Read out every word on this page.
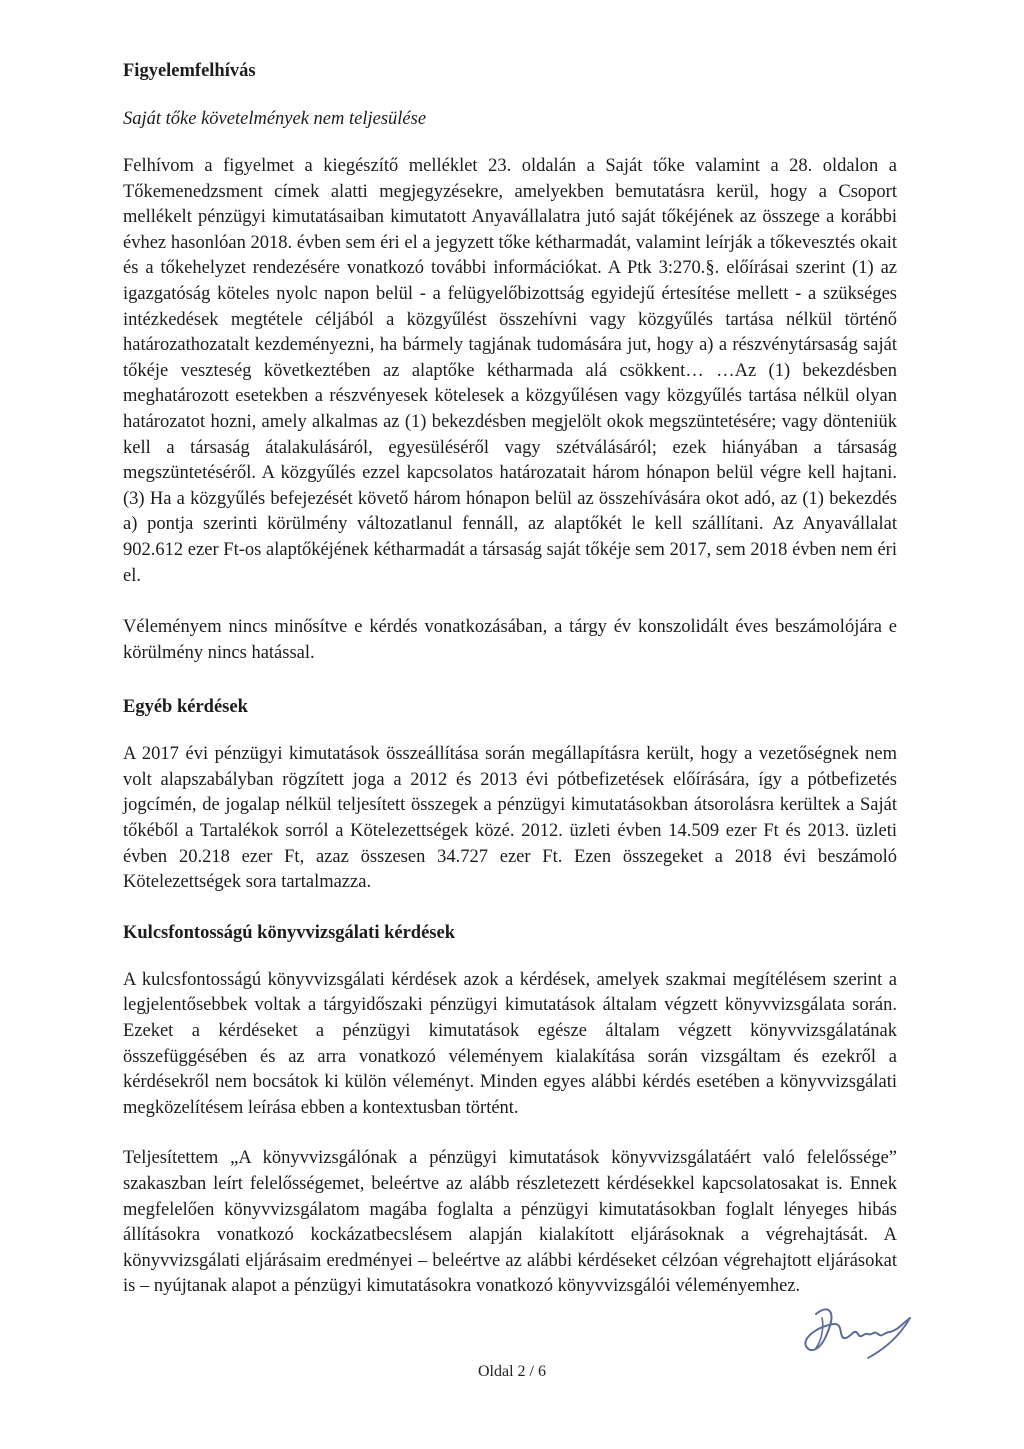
Figyelemfelhívás
Saját tőke követelmények nem teljesülése

Felhívom a figyelmet a kiegészítő melléklet 23. oldalán a Saját tőke valamint a 28. oldalon a Tőkemenedzsment címek alatti megjegyzésekre, amelyekben bemutatásra kerül, hogy a Csoport mellékelt pénzügyi kimutatásaiban kimutatott Anyavállalatra jutó saját tőkéjének az összege a korábbi évhez hasonlóan 2018. évben sem éri el a jegyzett tőke kétharmadát, valamint leírják a tőkevesztés okait és a tőkehelyzet rendezésére vonatkozó további információkat. A Ptk 3:270.§. előírásai szerint (1) az igazgatóság köteles nyolc napon belül - a felügyelőbizottság egyidejű értesítése mellett - a szükséges intézkedések megtétele céljából a közgyűlést összehívni vagy közgyűlés tartása nélkül történő határozathozatalt kezdeményezni, ha bármely tagjának tudomására jut, hogy a) a részvénytársaság saját tőkéje veszteség következtében az alaptőke kétharmada alá csökkent… …Az (1) bekezdésben meghatározott esetekben a részvényesek kötelesek a közgyűlésen vagy közgyűlés tartása nélkül olyan határozatot hozni, amely alkalmas az (1) bekezdésben megjelölt okok megszüntetésére; vagy dönteniük kell a társaság átalakulásáról, egyesüléséről vagy szétválásáról; ezek hiányában a társaság megszüntetéséről. A közgyűlés ezzel kapcsolatos határozatait három hónapon belül végre kell hajtani. (3) Ha a közgyűlés befejezését követő három hónapon belül az összehívására okot adó, az (1) bekezdés a) pontja szerinti körülmény változatlanul fennáll, az alaptőkét le kell szállítani. Az Anyavállalat 902.612 ezer Ft-os alaptőkéjének kétharmadát a társaság saját tőkéje sem 2017, sem 2018 évben nem éri el.

Véleményem nincs minősítve e kérdés vonatkozásában, a tárgy év konszolidált éves beszámolójára e körülmény nincs hatással.

Egyéb kérdések

A 2017 évi pénzügyi kimutatások összeállítása során megállapításra került, hogy a vezetőségnek nem volt alapszabályban rögzített joga a 2012 és 2013 évi pótbefizetések előírására, így a pótbefizetés jogcímén, de jogalap nélkül teljesített összegek a pénzügyi kimutatásokban átsorolásra kerültek a Saját tőkéből a Tartalékok sorról a Kötelezettségek közé. 2012. üzleti évben 14.509 ezer Ft és 2013. üzleti évben 20.218 ezer Ft, azaz összesen 34.727 ezer Ft. Ezen összegeket a 2018 évi beszámoló Kötelezettségek sora tartalmazza.

Kulcsfontosságú könyvvizsgálati kérdések

A kulcsfontosságú könyvvizsgálati kérdések azok a kérdések, amelyek szakmai megítélésem szerint a legjelentősebbek voltak a tárgyidőszaki pénzügyi kimutatások általam végzett könyvvizsgálata során. Ezeket a kérdéseket a pénzügyi kimutatások egésze általam végzett könyvvizsgálatának összefüggésében és az arra vonatkozó véleményem kialakítása során vizsgáltam és ezekről a kérdésekről nem bocsátok ki külön véleményt. Minden egyes alábbi kérdés esetében a könyvvizsgálati megközelítésem leírása ebben a kontextusban történt.

Teljesítettem „A könyvvizsgálónak a pénzügyi kimutatások könyvvizsgálatáért való felelőssége” szakaszban leírt felelősségemet, beleértve az alább részletezett kérdésekkel kapcsolatosakat is. Ennek megfelelően könyvvizsgálatom magába foglalta a pénzügyi kimutatásokban foglalt lényeges hibás állításokra vonatkozó kockázatbecslésem alapján kialakított eljárásoknak a végrehajtását. A könyvvizsgálati eljárásaim eredményei – beleértve az alábbi kérdéseket célzóan végrehajtott eljárásokat is – nyújtanak alapot a pénzügyi kimutatásokra vonatkozó könyvvizsgálói véleményemhez.

Oldal 2 / 6
